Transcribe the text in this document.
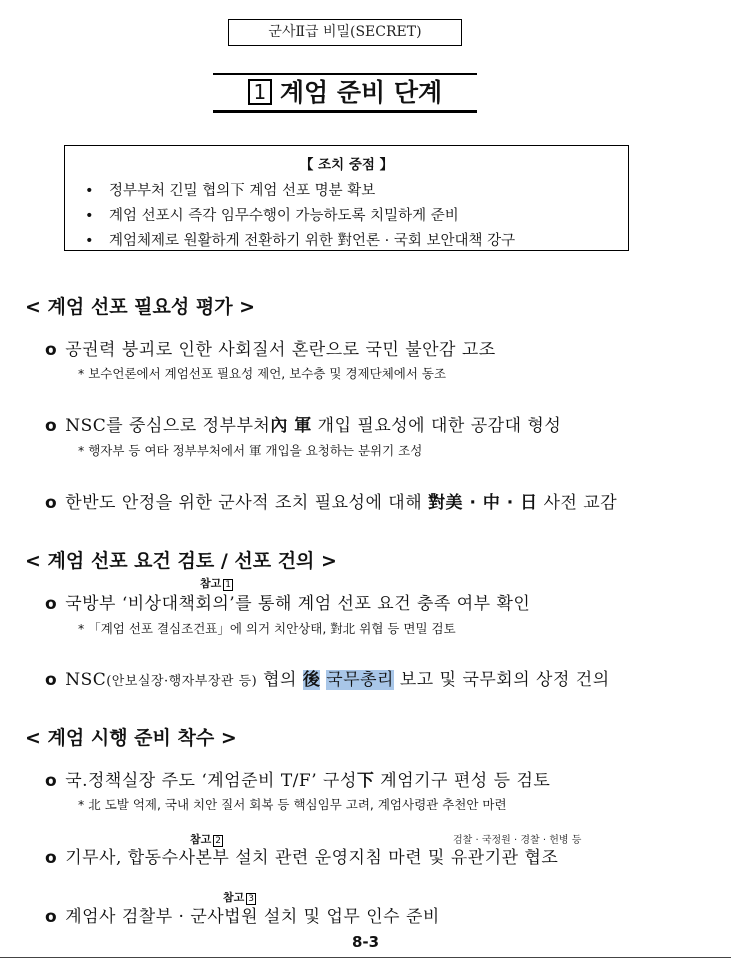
군사Ⅱ급 비밀(SECRET)
1 계엄 준비 단계
【 조치 중점 】
• 정부부처 긴밀 협의下 계엄 선포 명분 확보
• 계엄 선포시 즉각 임무수행이 가능하도록 치밀하게 준비
• 계엄체제로 원활하게 전환하기 위한 對언론 · 국회 보안대책 강구
< 계엄 선포 필요성 평가 >
o 공권력 붕괴로 인한 사회질서 혼란으로 국민 불안감 고조
* 보수언론에서 계엄선포 필요성 제언, 보수층 및 경제단체에서 동조
o NSC를 중심으로 정부부처內 軍 개입 필요성에 대한 공감대 형성
* 행자부 등 여타 정부부처에서 軍 개입을 요청하는 분위기 조성
o 한반도 안정을 위한 군사적 조치 필요성에 대해 對美 · 中 · 日 사전 교감
< 계엄 선포 요건 검토 / 선포 건의 >
참고 1
o 국방부 ‘비상대책회의’를 통해 계엄 선포 요건 충족 여부 확인
* 「계엄 선포 결심조건표」에 의거 치안상태, 對北 위협 등 면밀 검토
o NSC(안보실장·행자부장관 등) 협의 後 국무총리 보고 및 국무회의 상정 건의
< 계엄 시행 준비 착수 >
o 국.정책실장 주도 ‘계엄준비 T/F’ 구성下 계엄기구 편성 등 검토
* 北 도발 억제, 국내 치안 질서 회복 등 핵심임무 고려, 계엄사령관 추천안 마련
참고 2	검찰 · 국정원 · 경찰 · 헌병 등
o 기무사, 합동수사본부 설치 관련 운영지침 마련 및 유관기관 협조
참고 3
o 계엄사 검찰부 · 군사법원 설치 및 업무 인수 준비
8-3
